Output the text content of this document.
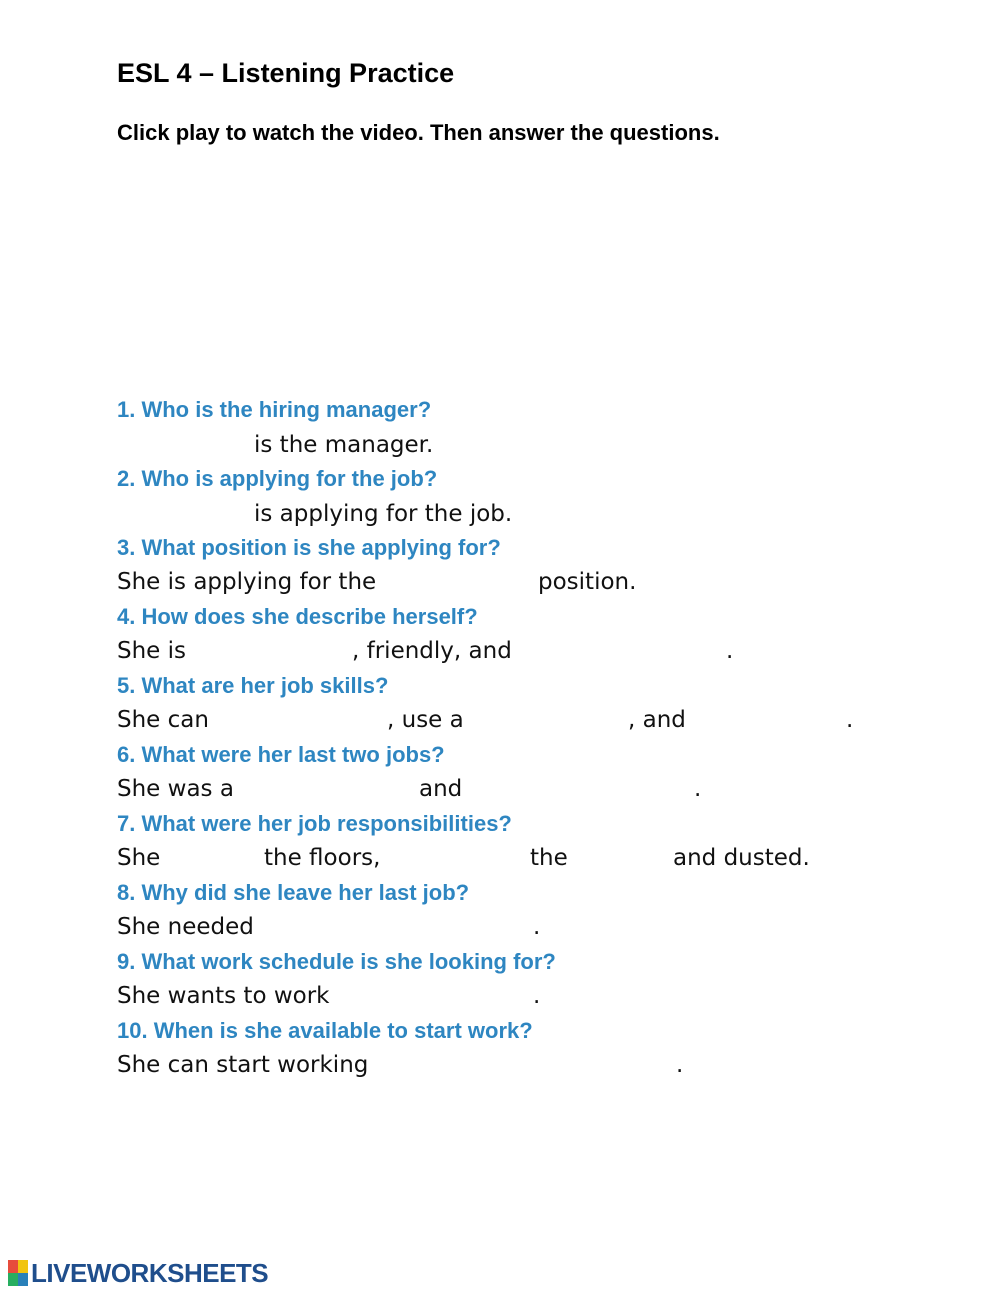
ESL 4 – Listening Practice
Click play to watch the video. Then answer the questions.
1. Who is the hiring manager?
is the manager.
2. Who is applying for the job?
is applying for the job.
3. What position is she applying for?
She is applying for the	position.
4. How does she describe herself?
She is	, friendly, and	.
5. What are her job skills?
She can	, use a	, and	.
6. What were her last two jobs?
She was a	and	.
7. What were her job responsibilities?
She	the floors,	the	and dusted.
8. Why did she leave her last job?
She needed	.
9. What work schedule is she looking for?
She wants to work	.
10. When is she available to start work?
She can start working	.
LIVEWORKSHEETS
